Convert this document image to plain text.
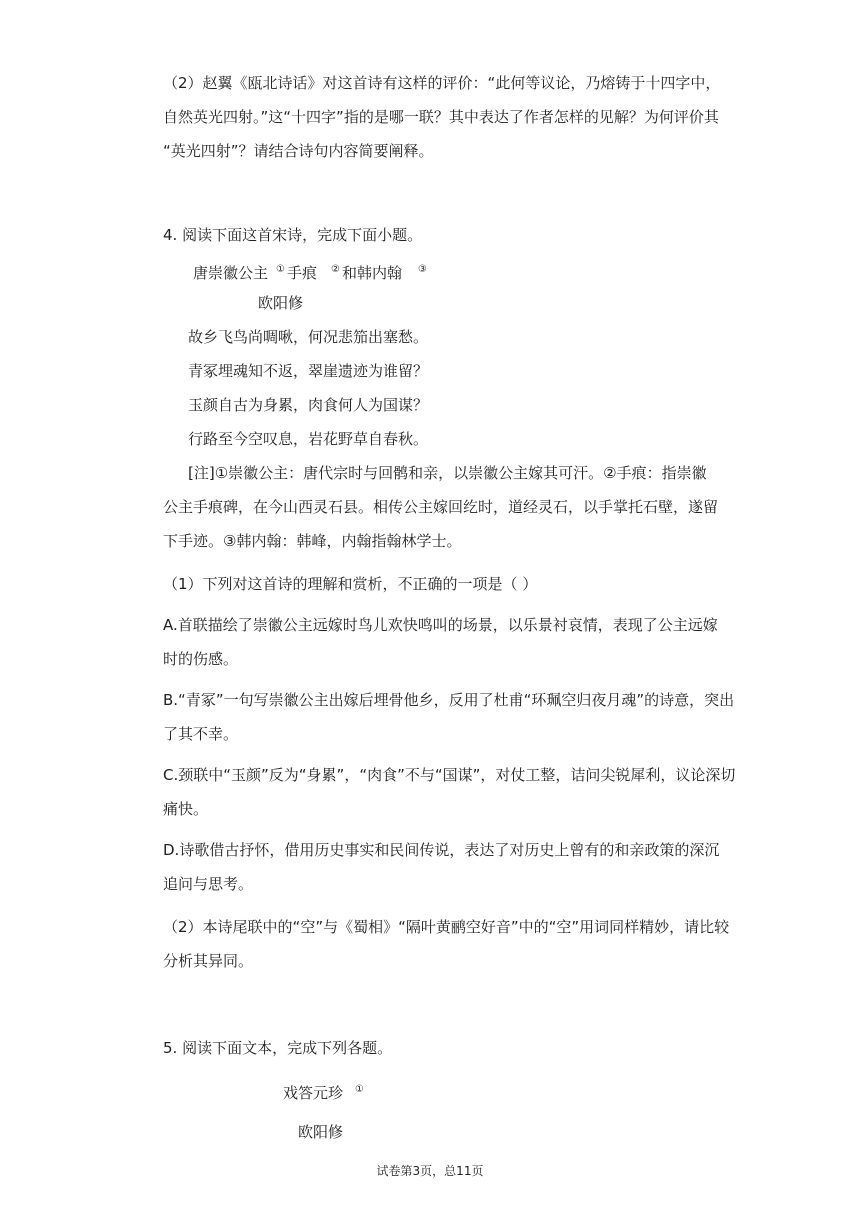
（2）赵翼《瓯北诗话》对这首诗有这样的评价：“此何等议论，乃熔铸于十四字中，
自然英光四射。”这“十四字”指的是哪一联？其中表达了作者怎样的见解？为何评价其
“英光四射”？请结合诗句内容简要阐释。
4. 阅读下面这首宋诗，完成下面小题。
唐崇徽公主 ① 手痕 ② 和韩内翰 ③
欧阳修
故乡飞鸟尚啁啾，何况悲笳出塞愁。
青冢埋魂知不返，翠崖遗迹为谁留？
玉颜自古为身累，肉食何人为国谋？
行路至今空叹息，岩花野草自春秋。
[注]①崇徽公主：唐代宗时与回鹘和亲，以崇徽公主嫁其可汗。②手痕：指崇徽
公主手痕碑，在今山西灵石县。相传公主嫁回纥时，道经灵石，以手掌托石壁，遂留
下手迹。③韩内翰：韩峰，内翰指翰林学士。
（1）下列对这首诗的理解和赏析，不正确的一项是（ ）
A.首联描绘了崇徽公主远嫁时鸟儿欢快鸣叫的场景，以乐景衬哀情，表现了公主远嫁
时的伤感。
B.“青冢”一句写崇徽公主出嫁后埋骨他乡，反用了杜甫“环珮空归夜月魂”的诗意，突出
了其不幸。
C.颈联中“玉颜”反为“身累”，“肉食”不与“国谋”，对仗工整，诘问尖锐犀利，议论深切
痛快。
D.诗歌借古抒怀，借用历史事实和民间传说，表达了对历史上曾有的和亲政策的深沉
追问与思考。
（2）本诗尾联中的“空”与《蜀相》“隔叶黄鹂空好音”中的“空”用词同样精妙，请比较
分析其异同。
5. 阅读下面文本，完成下列各题。
戏答元珍 ①
欧阳修
试卷第3页，总11页
